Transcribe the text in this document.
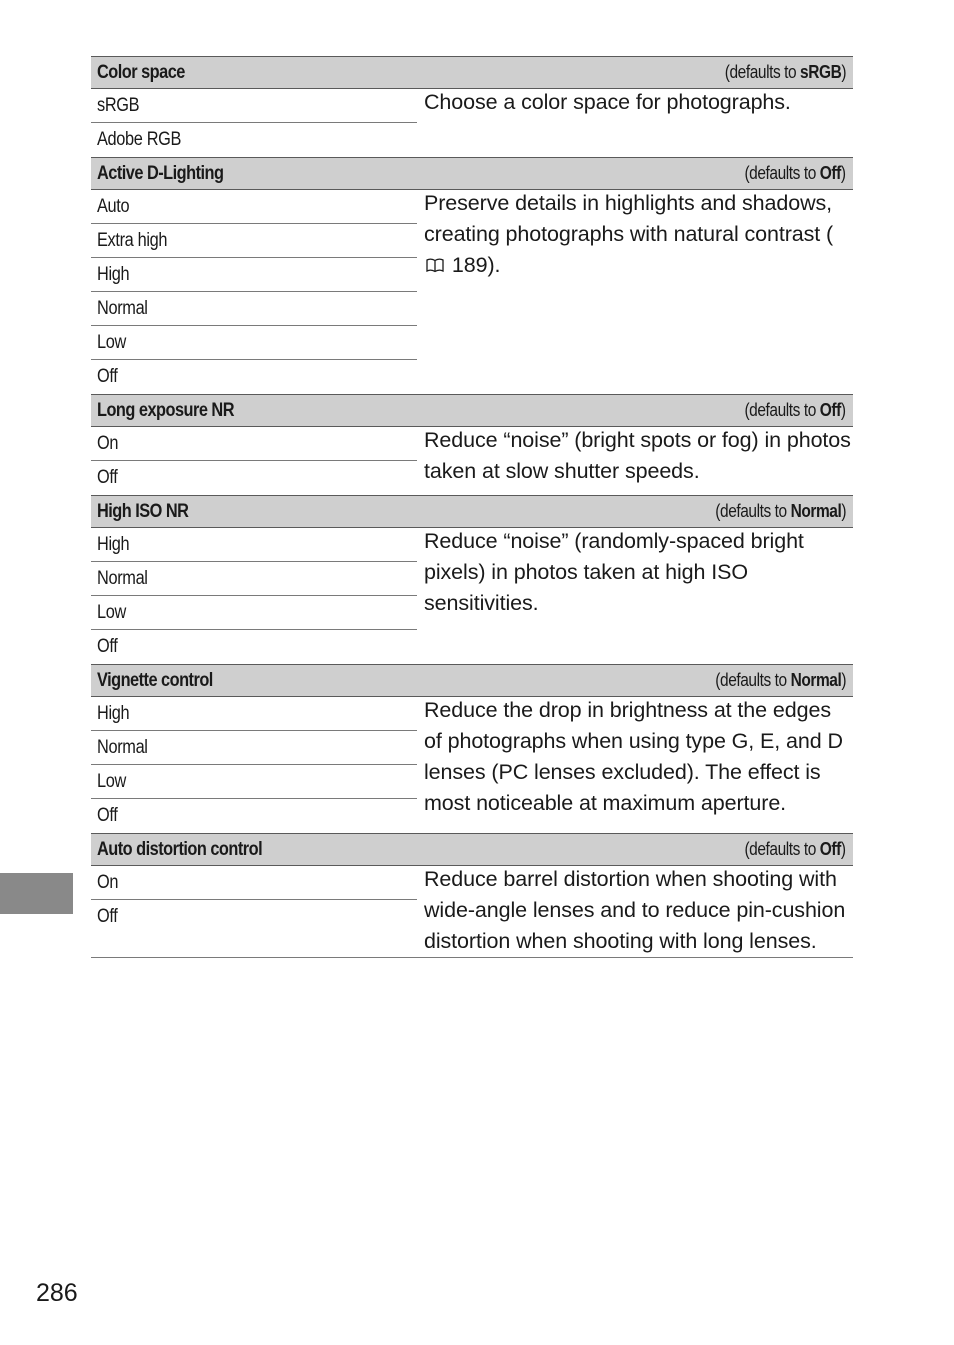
Color space	(defaults to sRGB)
sRGB
Adobe RGB
Choose a color space for photographs.
Active D-Lighting	(defaults to Off)
Auto
Extra high
High
Normal
Low
Off
Preserve details in highlights and shadows, creating photographs with natural contrast ( 189).
Long exposure NR	(defaults to Off)
On
Off
Reduce “noise” (bright spots or fog) in photos taken at slow shutter speeds.
High ISO NR	(defaults to Normal)
High
Normal
Low
Off
Reduce “noise” (randomly-spaced bright pixels) in photos taken at high ISO sensitivities.
Vignette control	(defaults to Normal)
High
Normal
Low
Off
Reduce the drop in brightness at the edges of photographs when using type G, E, and D lenses (PC lenses excluded). The effect is most noticeable at maximum aperture.
Auto distortion control	(defaults to Off)
On
Off
Reduce barrel distortion when shooting with wide-angle lenses and to reduce pin-cushion distortion when shooting with long lenses.
286
